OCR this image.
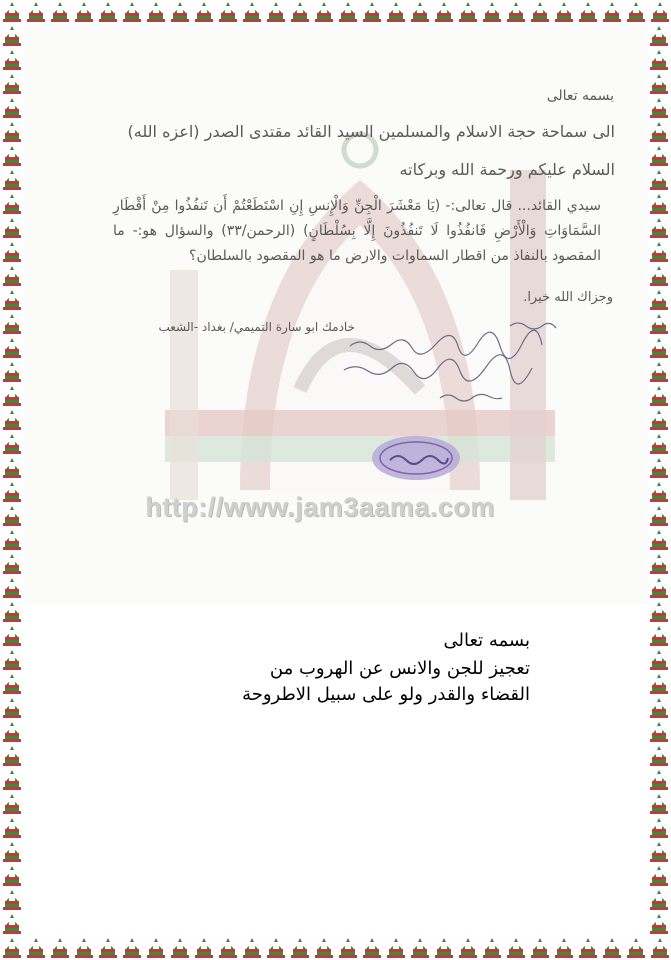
http://www.jam3aama.com
بسمه تعالى
الى سماحة حجة الاسلام والمسلمين السيد القائد مقتدى الصدر (اعزه الله)
السلام عليكم ورحمة الله وبركاته
سيدي القائد... قال تعالى:- (يَا مَعْشَرَ الْجِنِّ وَالْإِنسِ إِنِ اسْتَطَعْتُمْ أَن تَنفُذُوا مِنْ أَقْطَارِ السَّمَاوَاتِ وَالْأَرْضِ فَانفُذُوا لَا تَنفُذُونَ إِلَّا بِسُلْطَانٍ) (الرحمن/٣٣) والسؤال هو:- ما المقصود بالنفاذ من اقطار السماوات والارض ما هو المقصود بالسلطان؟
وجزاك الله خيرا.
خادمك ابو سارة التميمي/ بغداد -الشعب
بسمه تعالى
تعجيز للجن والانس عن الهروب من
القضاء والقدر ولو على سبيل الاطروحة
